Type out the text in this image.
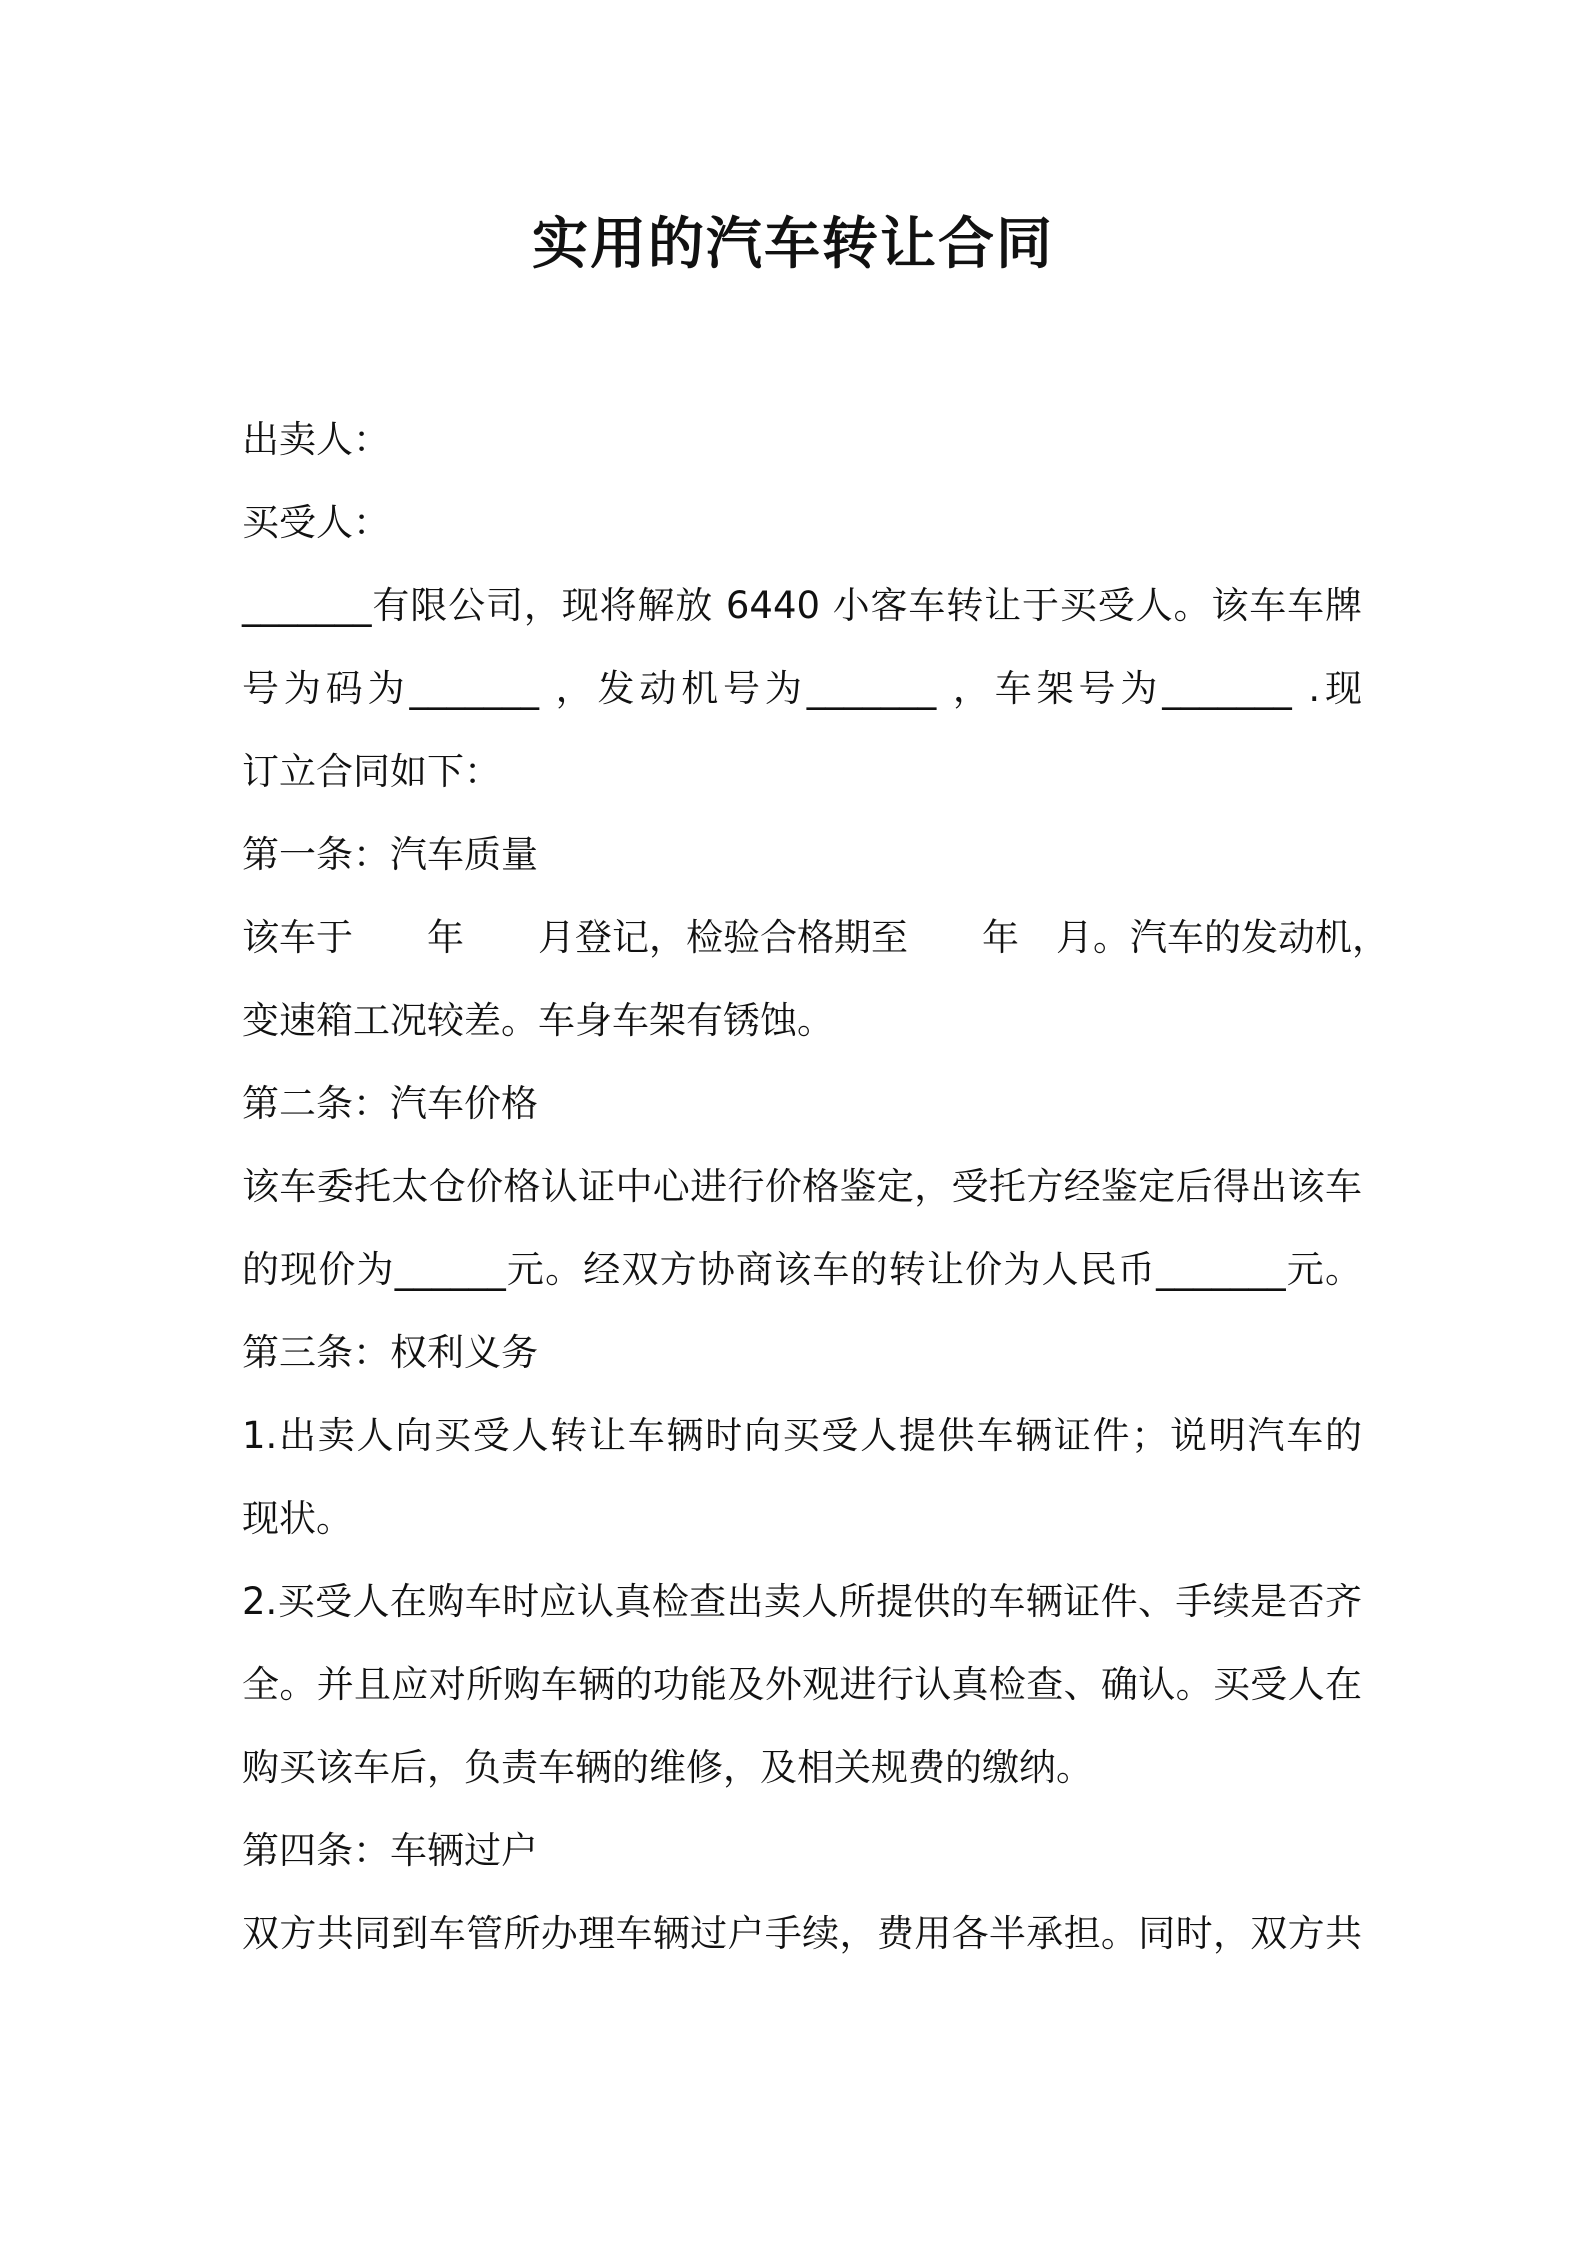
实用的汽车转让合同
出卖人：
买受人：
_______有限公司，现将解放 6440 小客车转让于买受人。该车车牌
号为码为_______ ，发动机号为_______ ，车架号为_______ .现
订立合同如下：
第一条：汽车质量
该车于　　年　　月登记，检验合格期至　　年　月。汽车的发动机，
变速箱工况较差。车身车架有锈蚀。
第二条：汽车价格
该车委托太仓价格认证中心进行价格鉴定，受托方经鉴定后得出该车
的现价为______元。经双方协商该车的转让价为人民币_______元。
第三条：权利义务
1.出卖人向买受人转让车辆时向买受人提供车辆证件；说明汽车的
现状。
2.买受人在购车时应认真检查出卖人所提供的车辆证件、手续是否齐
全。并且应对所购车辆的功能及外观进行认真检查、确认。买受人在
购买该车后，负责车辆的维修，及相关规费的缴纳。
第四条：车辆过户
双方共同到车管所办理车辆过户手续，费用各半承担。同时，双方共
